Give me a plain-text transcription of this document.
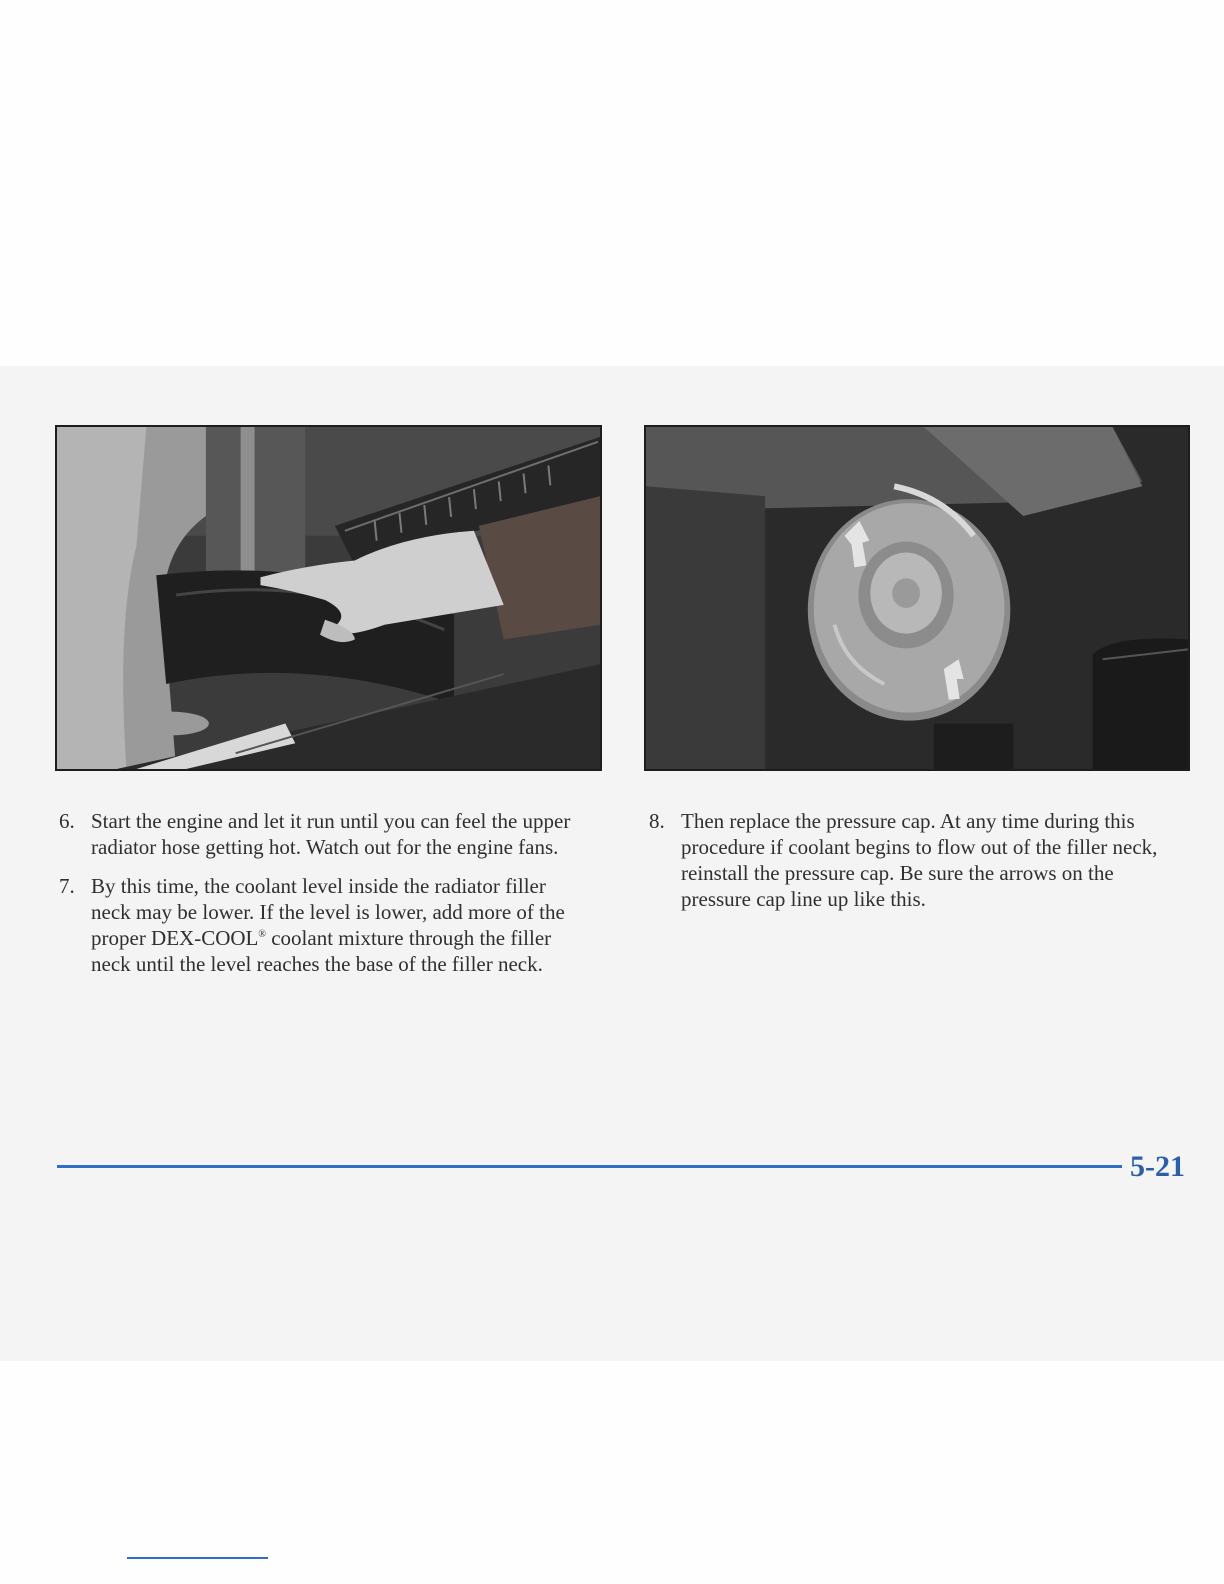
6. Start the engine and let it run until you can feel the upper radiator hose getting hot. Watch out for the engine fans.
7. By this time, the coolant level inside the radiator filler neck may be lower. If the level is lower, add more of the proper DEX-COOL® coolant mixture through the filler neck until the level reaches the base of the filler neck.
8. Then replace the pressure cap. At any time during this procedure if coolant begins to flow out of the filler neck, reinstall the pressure cap. Be sure the arrows on the pressure cap line up like this.
5-21
